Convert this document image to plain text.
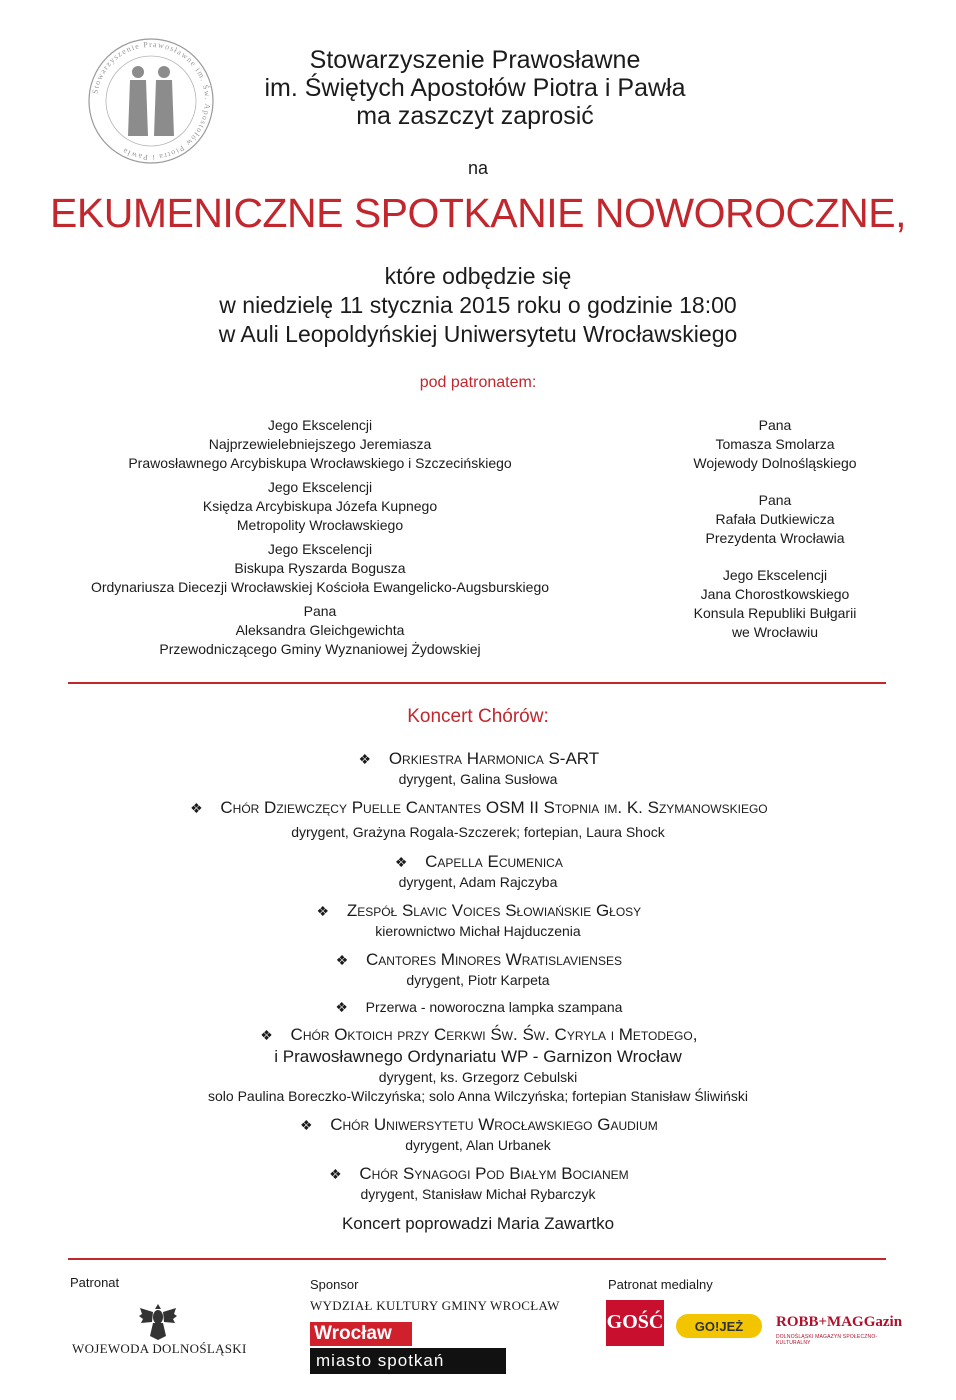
Stowarzyszenie Prawosławne im. Św. Apostołów Piotra i Pawła
Stowarzyszenie Prawosławne
im. Świętych Apostołów Piotra i Pawła
ma zaszczyt zaprosić
na
EKUMENICZNE SPOTKANIE NOWOROCZNE,
które odbędzie się
w niedzielę 11 stycznia 2015 roku o godzinie 18:00
w Auli Leopoldyńskiej Uniwersytetu Wrocławskiego
pod patronatem:
Jego Ekscelencji
Najprzewielebniejszego Jeremiasza
Prawosławnego Arcybiskupa Wrocławskiego i Szczecińskiego
Jego Ekscelencji
Księdza Arcybiskupa Józefa Kupnego
Metropolity Wrocławskiego
Jego Ekscelencji
Biskupa Ryszarda Bogusza
Ordynariusza Diecezji Wrocławskiej Kościoła Ewangelicko-Augsburskiego
Pana
Aleksandra Gleichgewichta
Przewodniczącego Gminy Wyznaniowej Żydowskiej
Pana
Tomasza Smolarza
Wojewody Dolnośląskiego
Pana
Rafała Dutkiewicza
Prezydenta Wrocławia
Jego Ekscelencji
Jana Chorostkowskiego
Konsula Republiki Bułgarii
we Wrocławiu
Koncert Chórów:
❖ Orkiestra Harmonica S-ART
dyrygent, Galina Susłowa
❖ Chór Dziewczęcy Puelle Cantantes OSM II Stopnia im. K. Szymanowskiego
dyrygent, Grażyna Rogala-Szczerek; fortepian, Laura Shock
❖ Capella Ecumenica
dyrygent, Adam Rajczyba
❖ Zespół Slavic Voices Słowiańskie Głosy
kierownictwo Michał Hajduczenia
❖ Cantores Minores Wratislavienses
dyrygent, Piotr Karpeta
❖ Przerwa - noworoczna lampka szampana
❖ Chór Oktoich przy Cerkwi Św. Św. Cyryla i Metodego,
i Prawosławnego Ordynariatu WP - Garnizon Wrocław
dyrygent, ks. Grzegorz Cebulski
solo Paulina Boreczko-Wilczyńska; solo Anna Wilczyńska; fortepian Stanisław Śliwiński
❖ Chór Uniwersytetu Wrocławskiego Gaudium
dyrygent, Alan Urbanek
❖ Chór Synagogi Pod Białym Bocianem
dyrygent, Stanisław Michał Rybarczyk
Koncert poprowadzi Maria Zawartko
Patronat
WOJEWODA DOLNOŚLĄSKI
Sponsor
WYDZIAŁ KULTURY GMINY WROCŁAW
Wrocław
miasto spotkań
Patronat medialny
GOŚĆ GO!JEŻ ROBB+MAGGazin
DOLNOŚLĄSKI MAGAZYN SPOŁECZNO-KULTURALNY
